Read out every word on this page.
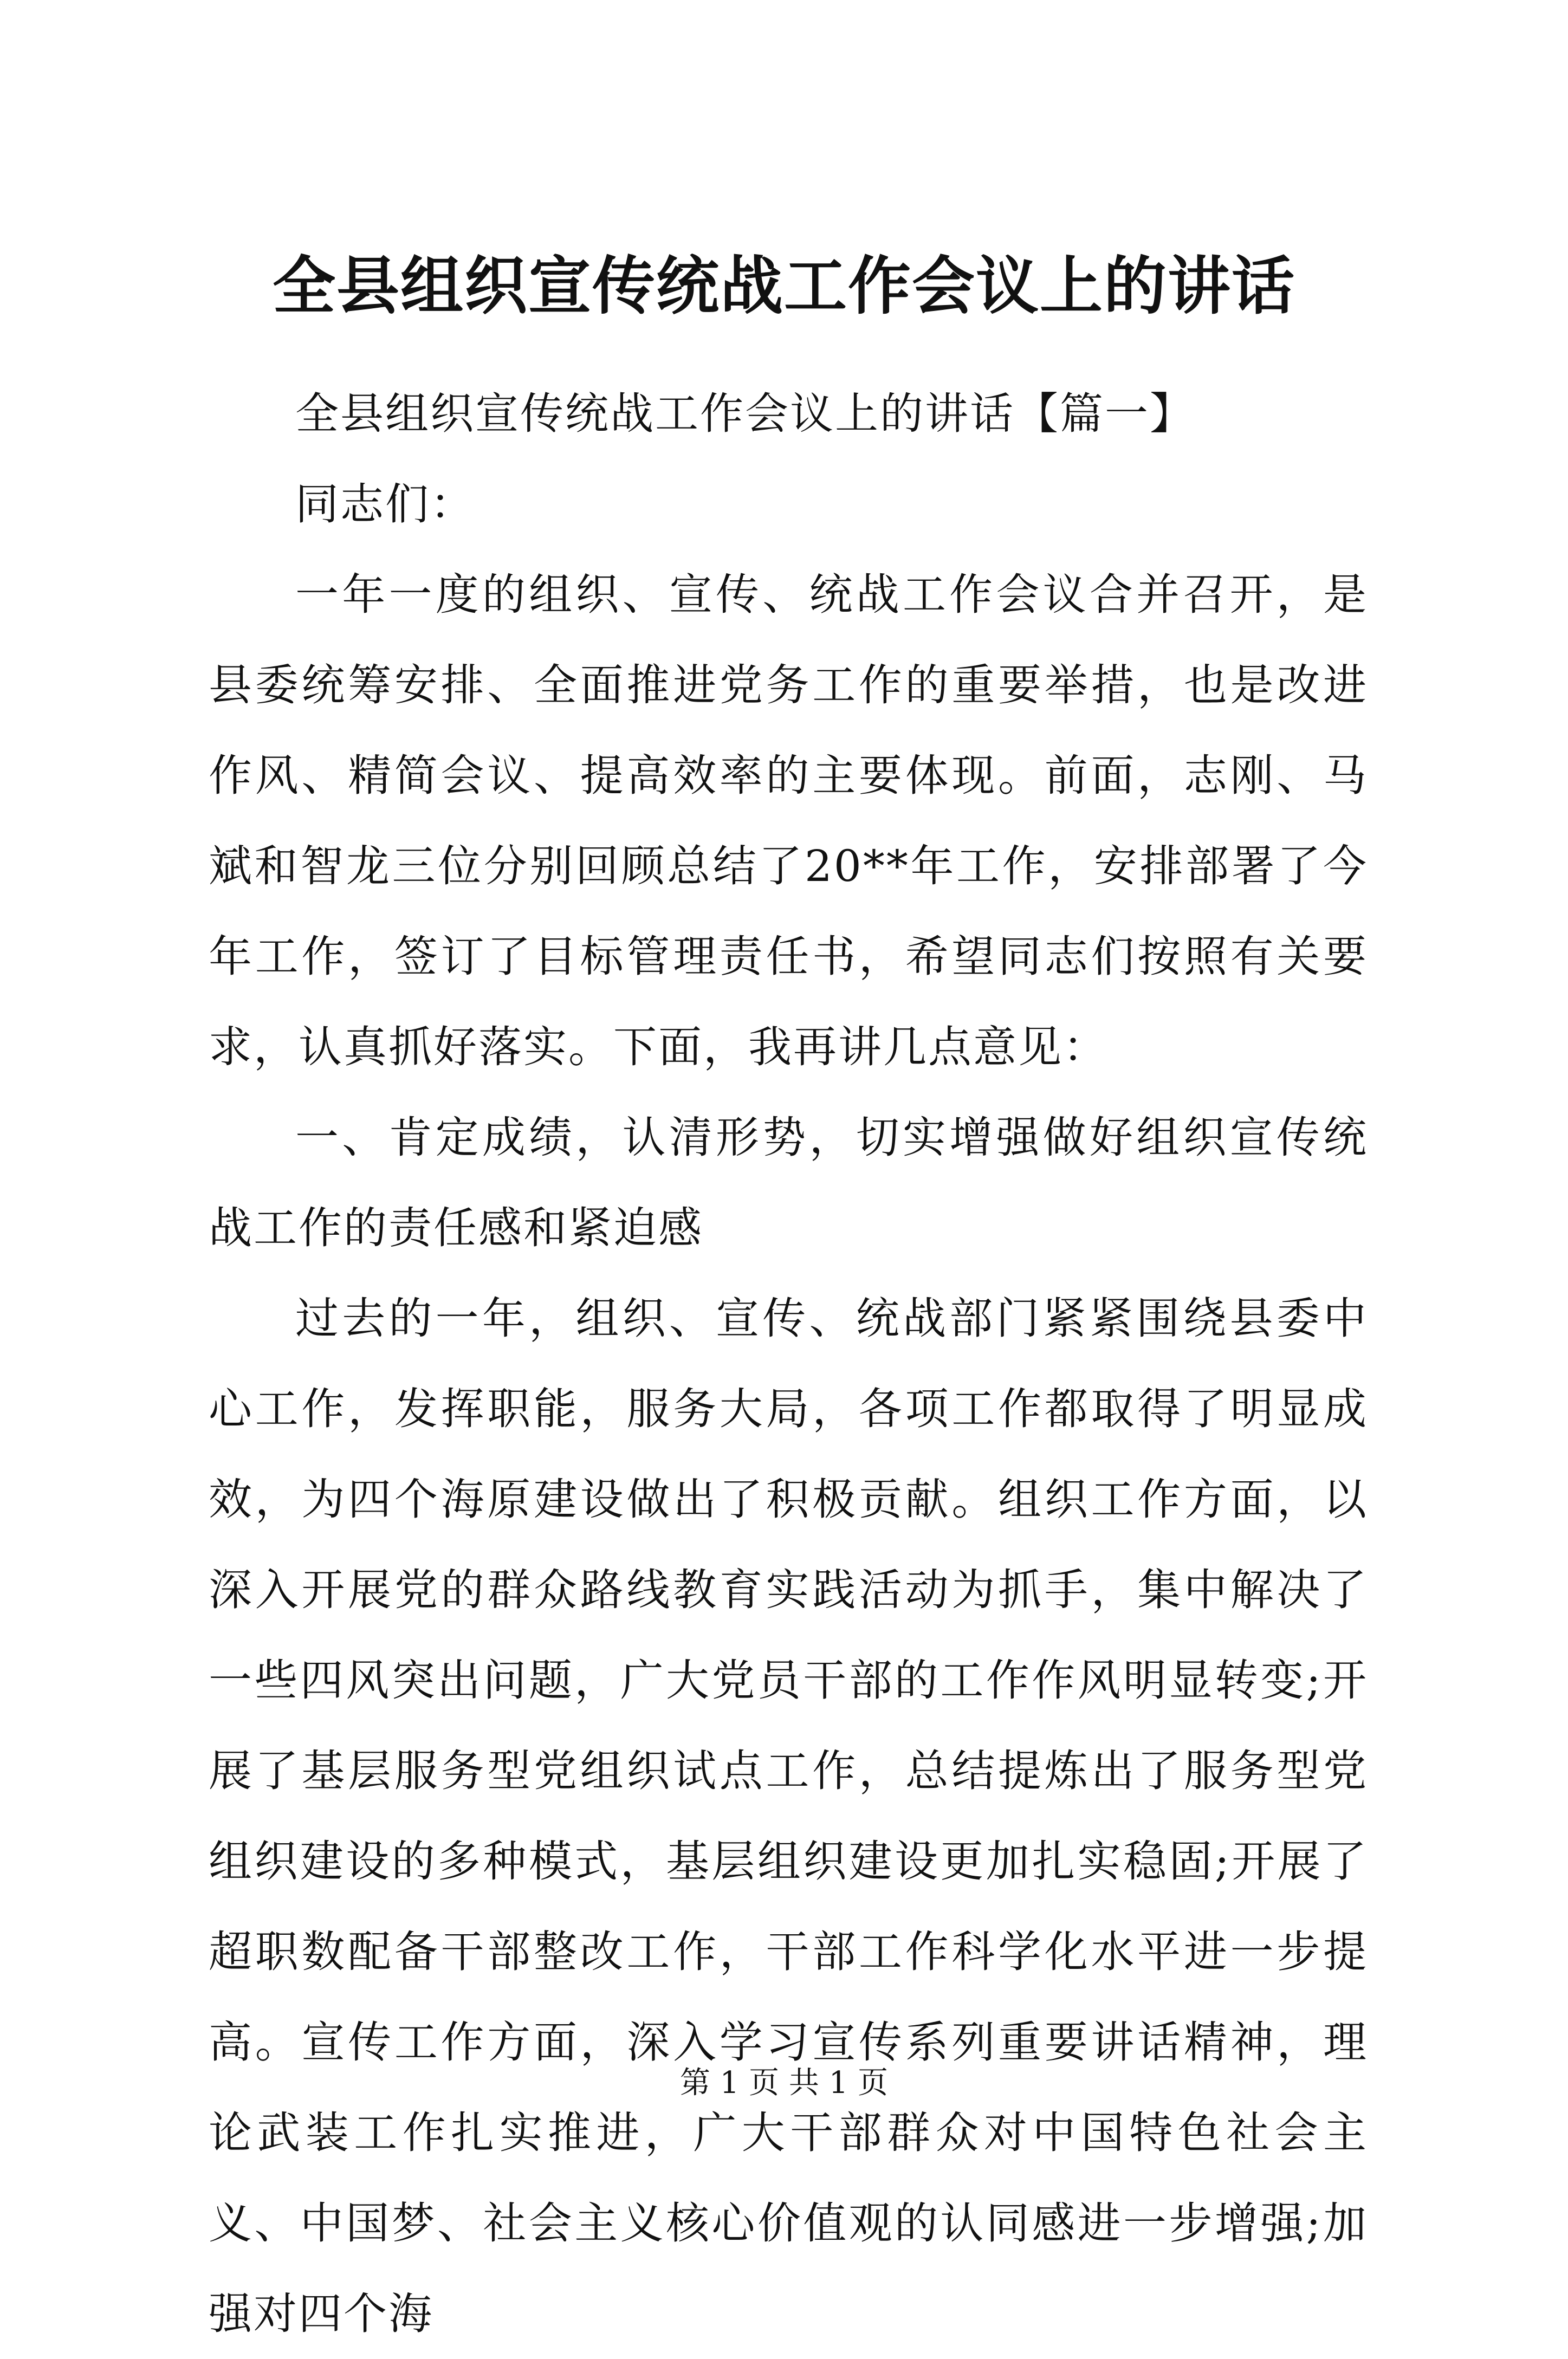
全县组织宣传统战工作会议上的讲话

全县组织宣传统战工作会议上的讲话【篇一】

同志们：

一年一度的组织、宣传、统战工作会议合并召开，是县委统筹安排、全面推进党务工作的重要举措，也是改进作风、精简会议、提高效率的主要体现。前面，志刚、马斌和智龙三位分别回顾总结了20**年工作，安排部署了今年工作，签订了目标管理责任书，希望同志们按照有关要求，认真抓好落实。下面，我再讲几点意见：

一、肯定成绩，认清形势，切实增强做好组织宣传统战工作的责任感和紧迫感

过去的一年，组织、宣传、统战部门紧紧围绕县委中心工作，发挥职能，服务大局，各项工作都取得了明显成效，为四个海原建设做出了积极贡献。组织工作方面，以深入开展党的群众路线教育实践活动为抓手，集中解决了一些四风突出问题，广大党员干部的工作作风明显转变;开展了基层服务型党组织试点工作，总结提炼出了服务型党组织建设的多种模式，基层组织建设更加扎实稳固;开展了超职数配备干部整改工作，干部工作科学化水平进一步提高。宣传工作方面，深入学习宣传系列重要讲话精神，理论武装工作扎实推进，广大干部群众对中国特色社会主义、中国梦、社会主义核心价值观的认同感进一步增强;加强对四个海

第 1 页 共 1 页
